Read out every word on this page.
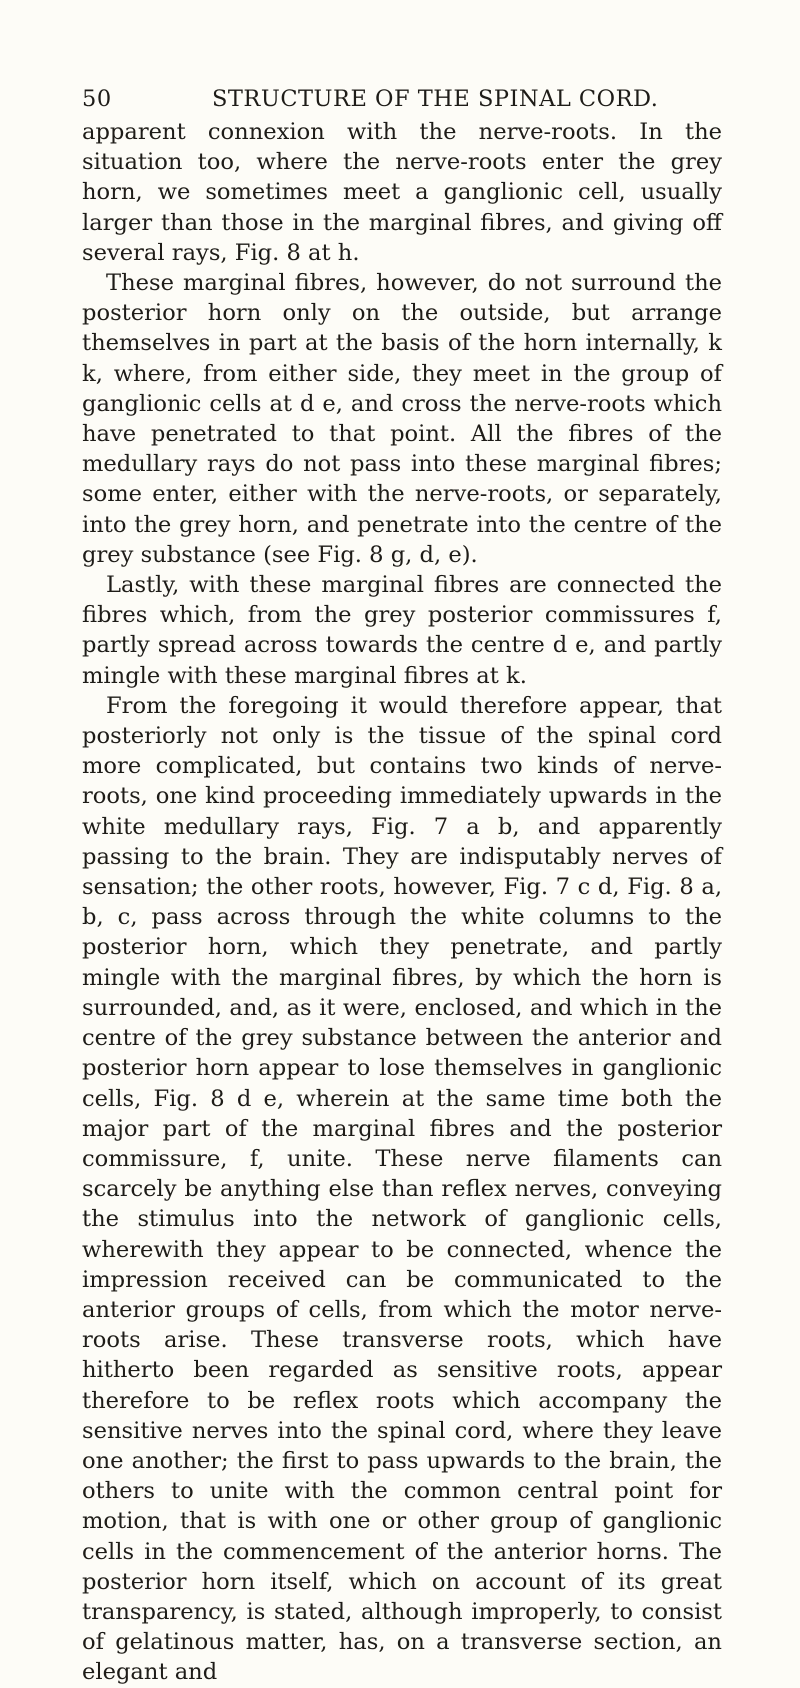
50	STRUCTURE OF THE SPINAL CORD.

apparent connexion with the nerve-roots. In the situation too, where the nerve-roots enter the grey horn, we sometimes meet a ganglionic cell, usually larger than those in the marginal fibres, and giving off several rays, Fig. 8 at h.

These marginal fibres, however, do not surround the posterior horn only on the outside, but arrange themselves in part at the basis of the horn internally, k k, where, from either side, they meet in the group of ganglionic cells at d e, and cross the nerve-roots which have penetrated to that point. All the fibres of the medullary rays do not pass into these marginal fibres; some enter, either with the nerve-roots, or separately, into the grey horn, and penetrate into the centre of the grey substance (see Fig. 8 g, d, e).

Lastly, with these marginal fibres are connected the fibres which, from the grey posterior commissures f, partly spread across towards the centre d e, and partly mingle with these marginal fibres at k.

From the foregoing it would therefore appear, that posteriorly not only is the tissue of the spinal cord more complicated, but contains two kinds of nerve-roots, one kind proceeding immediately upwards in the white medullary rays, Fig. 7 a b, and apparently passing to the brain. They are indisputably nerves of sensation; the other roots, however, Fig. 7 c d, Fig. 8 a, b, c, pass across through the white columns to the posterior horn, which they penetrate, and partly mingle with the marginal fibres, by which the horn is surrounded, and, as it were, enclosed, and which in the centre of the grey substance between the anterior and posterior horn appear to lose themselves in ganglionic cells, Fig. 8 d e, wherein at the same time both the major part of the marginal fibres and the posterior commissure, f, unite. These nerve filaments can scarcely be anything else than reflex nerves, conveying the stimulus into the network of ganglionic cells, wherewith they appear to be connected, whence the impression received can be communicated to the anterior groups of cells, from which the motor nerve-roots arise. These transverse roots, which have hitherto been regarded as sensitive roots, appear therefore to be reflex roots which accompany the sensitive nerves into the spinal cord, where they leave one another; the first to pass upwards to the brain, the others to unite with the common central point for motion, that is with one or other group of ganglionic cells in the commencement of the anterior horns. The posterior horn itself, which on account of its great transparency, is stated, although improperly, to consist of gelatinous matter, has, on a transverse section, an elegant and
